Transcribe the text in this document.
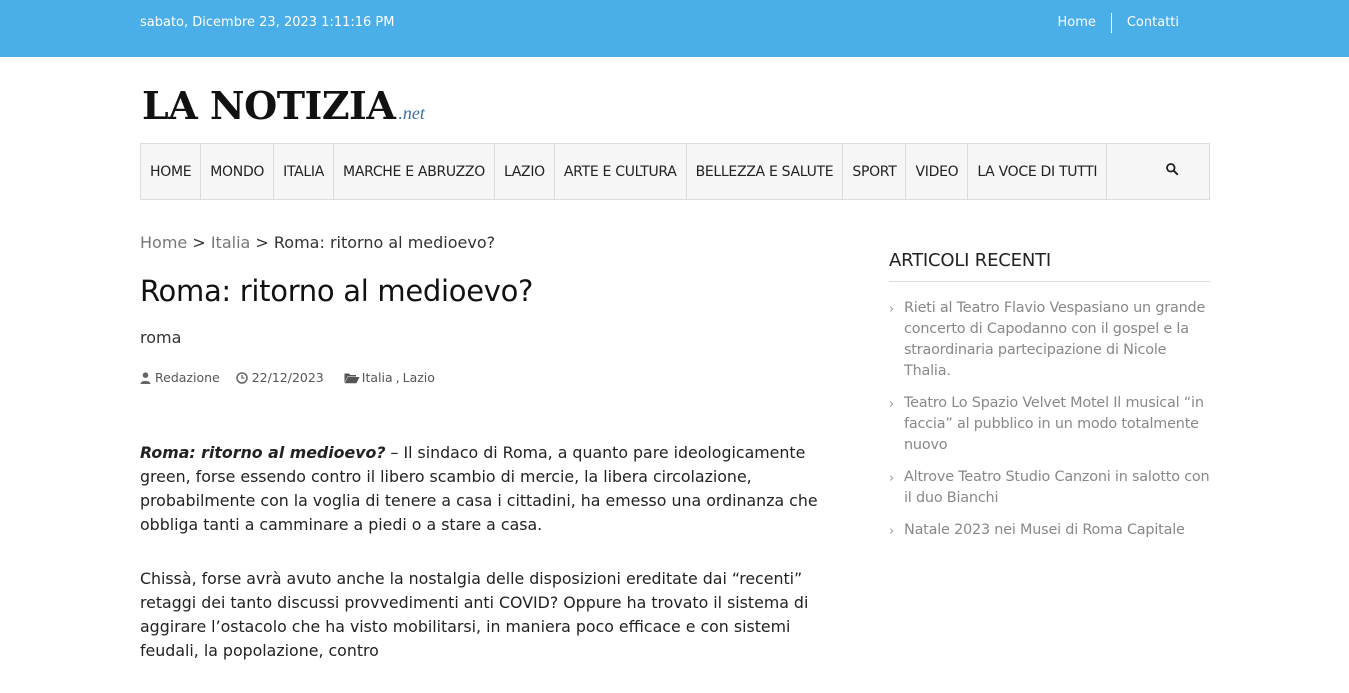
sabato, Dicembre 23, 2023 1:11:16 PM	Home	Contatti
LA NOTIZIA .net
HOME	MONDO	ITALIA	MARCHE E ABRUZZO	LAZIO	ARTE E CULTURA	BELLEZZA E SALUTE	SPORT	VIDEO	LA VOCE DI TUTTI
Home > Italia > Roma: ritorno al medioevo?
Roma: ritorno al medioevo?
roma
Redazione	22/12/2023	Italia , Lazio

Roma: ritorno al medioevo? – Il sindaco di Roma, a quanto pare ideologicamente green, forse essendo contro il libero scambio di mercie, la libera circolazione, probabilmente con la voglia di tenere a casa i cittadini, ha emesso una ordinanza che obbliga tanti a camminare a piedi o a stare a casa.

Chissà, forse avrà avuto anche la nostalgia delle disposizioni ereditate dai “recenti” retaggi dei tanto discussi provvedimenti anti COVID? Oppure ha trovato il sistema di aggirare l’ostacolo che ha visto mobilitarsi, in maniera poco efficace e con sistemi feudali, la popolazione, contro

ARTICOLI RECENTI
› Rieti al Teatro Flavio Vespasiano un grande concerto di Capodanno con il gospel e la straordinaria partecipazione di Nicole Thalia.
› Teatro Lo Spazio Velvet Motel Il musical “in faccia” al pubblico in un modo totalmente nuovo
› Altrove Teatro Studio Canzoni in salotto con il duo Bianchi
› Natale 2023 nei Musei di Roma Capitale
